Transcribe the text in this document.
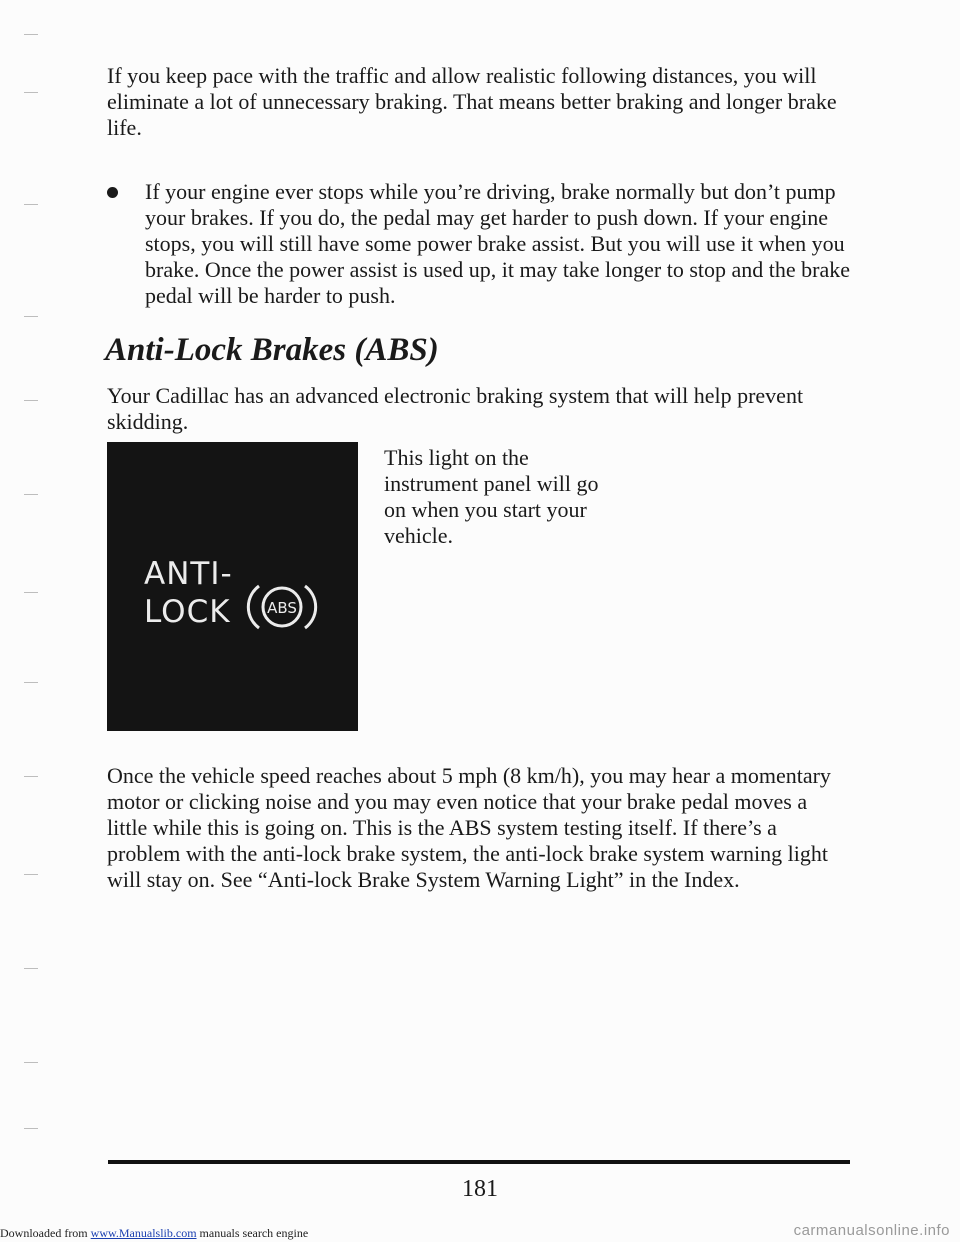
If you keep pace with the traffic and allow realistic following distances, you will eliminate a lot of unnecessary braking. That means better braking and longer brake life.

If your engine ever stops while you’re driving, brake normally but don’t pump your brakes. If you do, the pedal may get harder to push down. If your engine stops, you will still have some power brake assist. But you will use it when you brake. Once the power assist is used up, it may take longer to stop and the brake pedal will be harder to push.
Anti-Lock Brakes (ABS)

Your Cadillac has an advanced electronic braking system that will help prevent skidding.

ANTI-
LOCK ABS

This light on the instrument panel will go on when you start your vehicle.

Once the vehicle speed reaches about 5 mph (8 km/h), you may hear a momentary motor or clicking noise and you may even notice that your brake pedal moves a little while this is going on. This is the ABS system testing itself. If there’s a problem with the anti-lock brake system, the anti-lock brake system warning light will stay on. See “Anti-lock Brake System Warning Light” in the Index.

181
Downloaded from www.Manualslib.com manuals search engine	carmanualsonline.info
